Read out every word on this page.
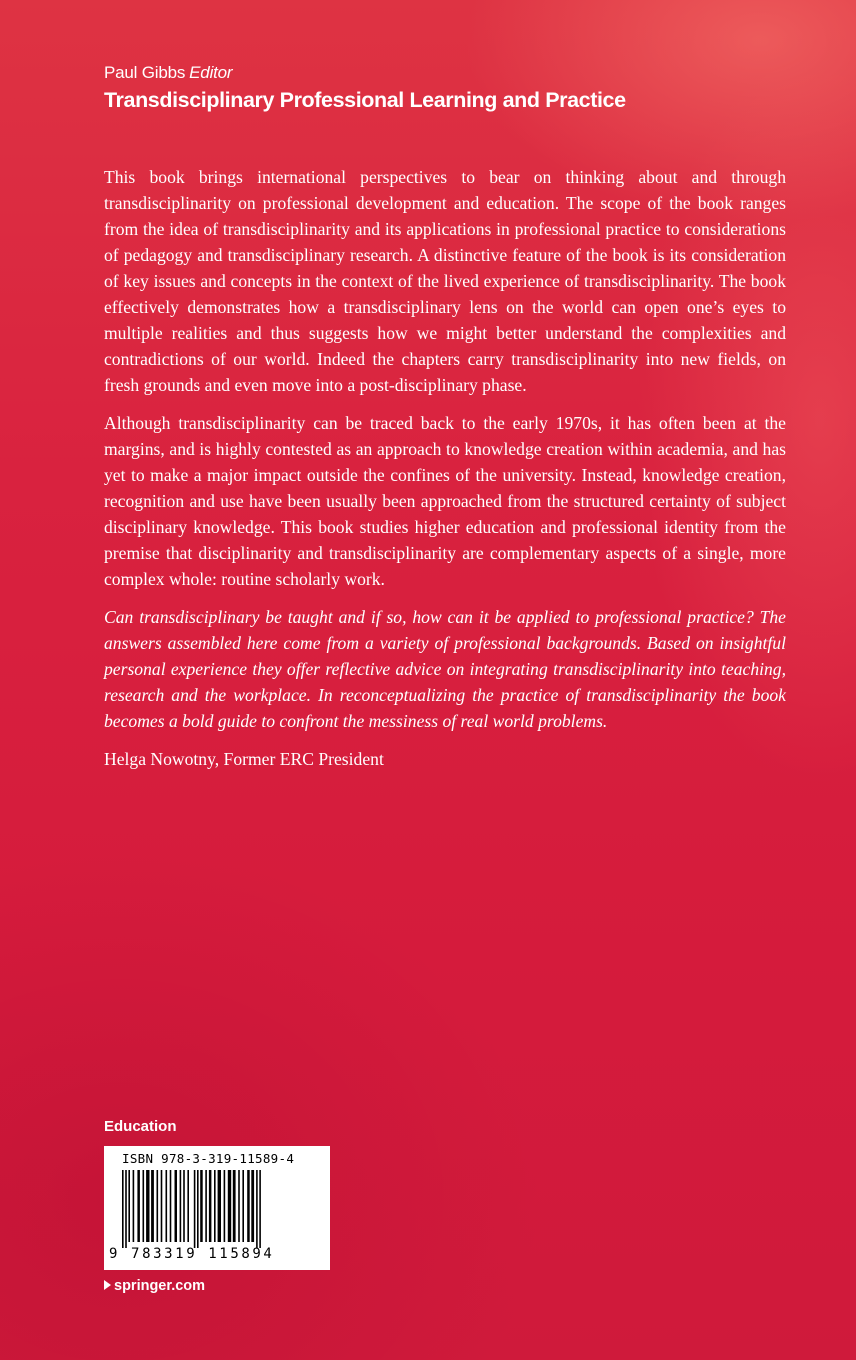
Paul Gibbs Editor
Transdisciplinary Professional Learning and Practice

This book brings international perspectives to bear on thinking about and through transdisciplinarity on professional development and education. The scope of the book ranges from the idea of transdisciplinarity and its applications in professional practice to considerations of pedagogy and transdisciplinary research. A distinctive feature of the book is its consideration of key issues and concepts in the context of the lived experience of transdisciplinarity. The book effectively demonstrates how a transdisciplinary lens on the world can open one’s eyes to multiple realities and thus suggests how we might better understand the complexities and contradictions of our world. Indeed the chapters carry transdisciplinarity into new fields, on fresh grounds and even move into a post-disciplinary phase.

Although transdisciplinarity can be traced back to the early 1970s, it has often been at the margins, and is highly contested as an approach to knowledge creation within academia, and has yet to make a major impact outside the confines of the university. Instead, knowledge creation, recognition and use have been usually been approached from the structured certainty of subject disciplinary knowledge. This book studies higher education and professional identity from the premise that disciplinarity and transdisciplinarity are complementary aspects of a single, more complex whole: routine scholarly work.

Can transdisciplinary be taught and if so, how can it be applied to professional practice? The answers assembled here come from a variety of professional backgrounds. Based on insightful personal experience they offer reflective advice on integrating transdisciplinarity into teaching, research and the workplace. In reconceptualizing the practice of transdisciplinarity the book becomes a bold guide to confront the messiness of real world problems.

Helga Nowotny, Former ERC President

Education
ISBN 978-3-319-11589-4
9 783319 115894
springer.com
